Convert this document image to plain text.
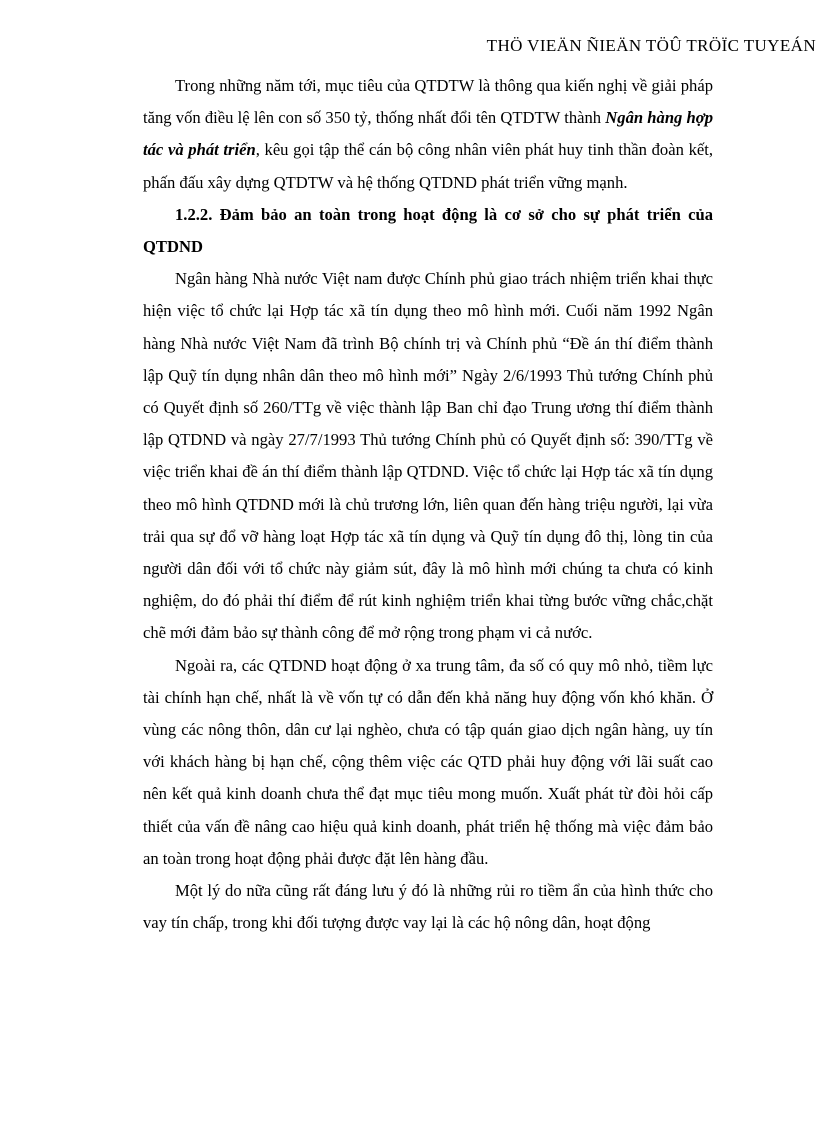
THÖ VIEÄN ÑIEÄN TÖÛ TRÖÏC TUYEÁN

Trong những năm tới, mục tiêu của QTDTW là thông qua kiến nghị về giải pháp tăng vốn điều lệ lên con số 350 tỷ, thống nhất đổi tên QTDTW thành Ngân hàng hợp tác và phát triển, kêu gọi tập thể cán bộ công nhân viên phát huy tinh thần đoàn kết, phấn đấu xây dựng QTDTW và hệ thống QTDND phát triển vững mạnh.

1.2.2. Đảm bảo an toàn trong hoạt động là cơ sở cho sự phát triển của QTDND

Ngân hàng Nhà nước Việt nam được Chính phủ giao trách nhiệm triển khai thực hiện việc tổ chức lại Hợp tác xã tín dụng theo mô hình mới. Cuối năm 1992 Ngân hàng Nhà nước Việt Nam đã trình Bộ chính trị và Chính phủ “Đề án thí điểm thành lập Quỹ tín dụng nhân dân theo mô hình mới” Ngày 2/6/1993 Thủ tướng Chính phủ có Quyết định số 260/TTg về việc thành lập Ban chỉ đạo Trung ương thí điểm thành lập QTDND và ngày 27/7/1993 Thủ tướng Chính phủ có Quyết định số: 390/TTg về việc triển khai đề án thí điểm thành lập QTDND. Việc tổ chức lại Hợp tác xã tín dụng theo mô hình QTDND mới là chủ trương lớn, liên quan đến hàng triệu người, lại vừa trải qua sự đổ vỡ hàng loạt Hợp tác xã tín dụng và Quỹ tín dụng đô thị, lòng tin của người dân đối với tổ chức này giảm sút, đây là mô hình mới chúng ta chưa có kinh nghiệm, do đó phải thí điểm để rút kinh nghiệm triển khai từng bước vững chắc,chặt chẽ mới đảm bảo sự thành công để mở rộng trong phạm vi cả nước.

Ngoài ra, các QTDND hoạt động ở xa trung tâm, đa số có quy mô nhỏ, tiềm lực tài chính hạn chế, nhất là về vốn tự có dẫn đến khả năng huy động vốn khó khăn. Ở vùng các nông thôn, dân cư lại nghèo, chưa có tập quán giao dịch ngân hàng, uy tín với khách hàng bị hạn chế, cộng thêm việc các QTD phải huy động với lãi suất cao nên kết quả kinh doanh chưa thể đạt mục tiêu mong muốn. Xuất phát từ đòi hỏi cấp thiết của vấn đề nâng cao hiệu quả kinh doanh, phát triển hệ thống mà việc đảm bảo an toàn trong hoạt động phải được đặt lên hàng đầu.

Một lý do nữa cũng rất đáng lưu ý đó là những rủi ro tiềm ẩn của hình thức cho vay tín chấp, trong khi đối tượng được vay lại là các hộ nông dân, hoạt động
